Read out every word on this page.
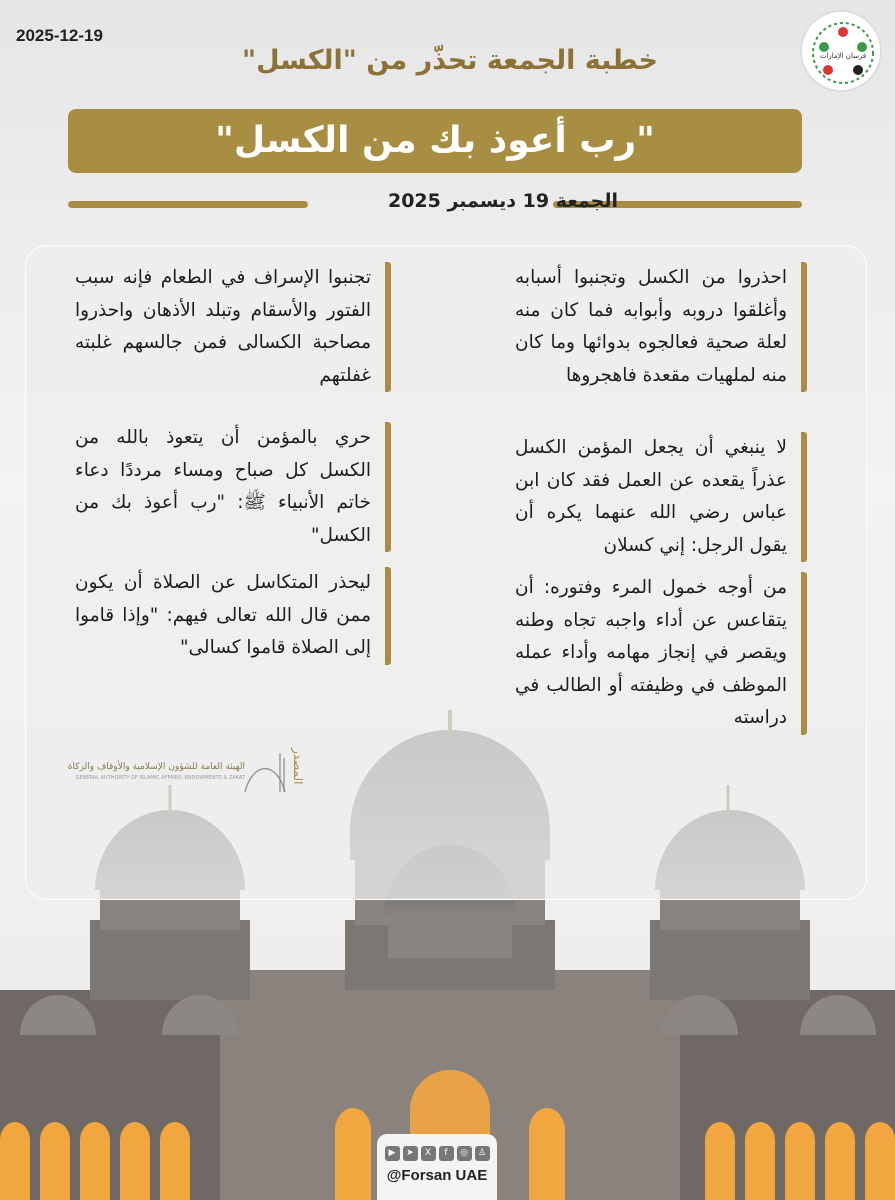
2025-12-19
فرسان الإمارات
خطبة الجمعة تحذّر من "الكسل"
"رب أعوذ بك من الكسل"
الجمعة 19 ديسمبر 2025
احذروا من الكسل وتجنبوا أسبابه وأغلقوا دروبه وأبوابه فما كان منه لعلة صحية فعالجوه بدوائها وما كان منه لملهيات مقعدة فاهجروها
لا ينبغي أن يجعل المؤمن الكسل عذراً يقعده عن العمل فقد كان ابن عباس رضي الله عنهما يكره أن يقول الرجل: إني كسلان
من أوجه خمول المرء وفتوره: أن يتقاعس عن أداء واجبه تجاه وطنه ويقصر في إنجاز مهامه وأداء عمله الموظف في وظيفته أو الطالب في دراسته
تجنبوا الإسراف في الطعام فإنه سبب الفتور والأسقام وتبلد الأذهان واحذروا مصاحبة الكسالى فمن جالسهم غلبته غفلتهم
حري بالمؤمن أن يتعوذ بالله من الكسل كل صباح ومساء مرددًا دعاء خاتم الأنبياء ﷺ: "رب أعوذ بك من الكسل"
ليحذر المتكاسل عن الصلاة أن يكون ممن قال الله تعالى فيهم: "وإذا قاموا إلى الصلاة قاموا كسالى"
المصدر
الهيئة العامة للشؤون الإسلامية والأوقاف والزكاة
GENERAL AUTHORITY OF ISLAMIC AFFAIRS, ENDOWMENTS & ZAKAT
▶	➤	X	f	◎	♙
@Forsan UAE
